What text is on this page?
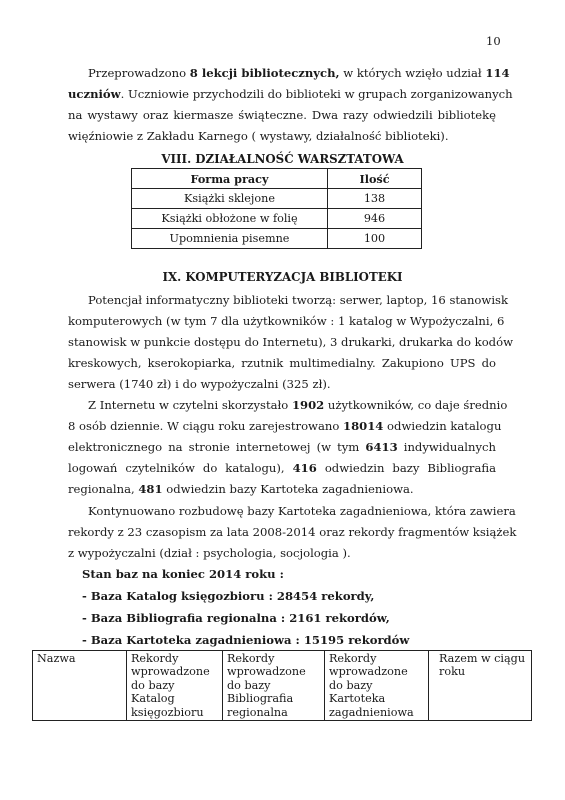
10
Przeprowadzono 8 lekcji bibliotecznych, w których wzięło udział 114
uczniów. Uczniowie przychodzili do biblioteki w grupach zorganizowanych
na wystawy oraz kiermasze świąteczne. Dwa razy odwiedzili bibliotekę
więźniowie z Zakładu Karnego ( wystawy, działalność biblioteki).
VIII. DZIAŁALNOŚĆ WARSZTATOWA
Forma pracy	Ilość
Książki sklejone	138
Książki obłożone w folię	946
Upomnienia pisemne	100
IX. KOMPUTERYZACJA BIBLIOTEKI
Potencjał informatyczny biblioteki tworzą: serwer, laptop, 16 stanowisk
komputerowych (w tym 7 dla użytkowników : 1 katalog w Wypożyczalni, 6
stanowisk w punkcie dostępu do Internetu), 3 drukarki, drukarka do kodów
kreskowych, kserokopiarka, rzutnik multimedialny. Zakupiono UPS do
serwera (1740 zł) i do wypożyczalni (325 zł).
Z Internetu w czytelni skorzystało 1902 użytkowników, co daje średnio
8 osób dziennie. W ciągu roku zarejestrowano 18014 odwiedzin katalogu
elektronicznego na stronie internetowej (w tym 6413 indywidualnych
logowań czytelników do katalogu), 416 odwiedzin bazy Bibliografia
regionalna, 481 odwiedzin bazy Kartoteka zagadnieniowa.
Kontynuowano rozbudowę bazy Kartoteka zagadnieniowa, która zawiera
rekordy z 23 czasopism za lata 2008-2014 oraz rekordy fragmentów książek
z wypożyczalni (dział : psychologia, socjologia ).
Stan baz na koniec 2014 roku :
- Baza Katalog księgozbioru : 28454 rekordy,
- Baza Bibliografia regionalna : 2161 rekordów,
- Baza Kartoteka zagadnieniowa : 15195 rekordów
Nazwa	Rekordy wprowadzone do bazy Katalog księgozbioru	Rekordy wprowadzone do bazy Bibliografia regionalna	Rekordy wprowadzone do bazy Kartoteka zagadnieniowa	Razem w ciągu roku
